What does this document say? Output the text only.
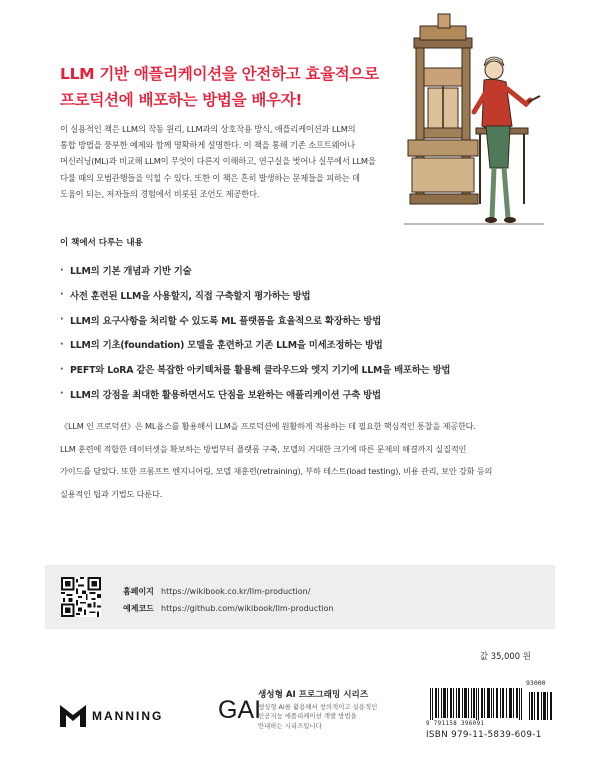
LLM 기반 애플리케이션을 안전하고 효율적으로
프로덕션에 배포하는 방법을 배우자!
이 실용적인 책은 LLM의 작동 원리, LLM과의 상호작용 방식, 애플리케이션과 LLM의
통합 방법을 풍부한 예제와 함께 명확하게 설명한다. 이 책을 통해 기존 소프트웨어나
머신러닝(ML)과 비교해 LLM이 무엇이 다른지 이해하고, 연구실을 벗어나 실무에서 LLM을
다룰 때의 모범관행들을 익힐 수 있다. 또한 이 책은 흔히 발생하는 문제들을 피하는 데
도움이 되는, 저자들의 경험에서 비롯된 조언도 제공한다.
이 책에서 다루는 내용
· LLM의 기본 개념과 기반 기술
· 사전 훈련된 LLM을 사용할지, 직접 구축할지 평가하는 방법
· LLM의 요구사항을 처리할 수 있도록 ML 플랫폼을 효율적으로 확장하는 방법
· LLM의 기초(foundation) 모델을 훈련하고 기존 LLM을 미세조정하는 방법
· PEFT와 LoRA 같은 복잡한 아키텍처를 활용해 클라우드와 엣지 기기에 LLM을 배포하는 방법
· LLM의 강점을 최대한 활용하면서도 단점을 보완하는 애플리케이션 구축 방법
《LLM 인 프로덕션》은 ML옵스를 활용해서 LLM을 프로덕션에 원활하게 적용하는 데 필요한 핵심적인 통찰을 제공한다.
LLM 훈련에 적합한 데이터셋을 확보하는 방법부터 플랫폼 구축, 모델의 거대한 크기에 따른 문제의 해결까지 실질적인
가이드를 담았다. 또한 프롬프트 엔지니어링, 모델 재훈련(retraining), 부하 테스트(load testing), 비용 관리, 보안 강화 등의
실용적인 팁과 기법도 다룬다.
홈페이지 https://wikibook.co.kr/llm-production/
예제코드 https://github.com/wikibook/llm-production
값 35,000 원
MANNING GAI
생성형 AI 프로그래밍 시리즈
생성형 AI를 활용해서 창의적이고 실용적인
인공지능 애플리케이션 개발 방법을
안내하는 시리즈입니다
93000
9 791158 396091
ISBN 979-11-5839-609-1
